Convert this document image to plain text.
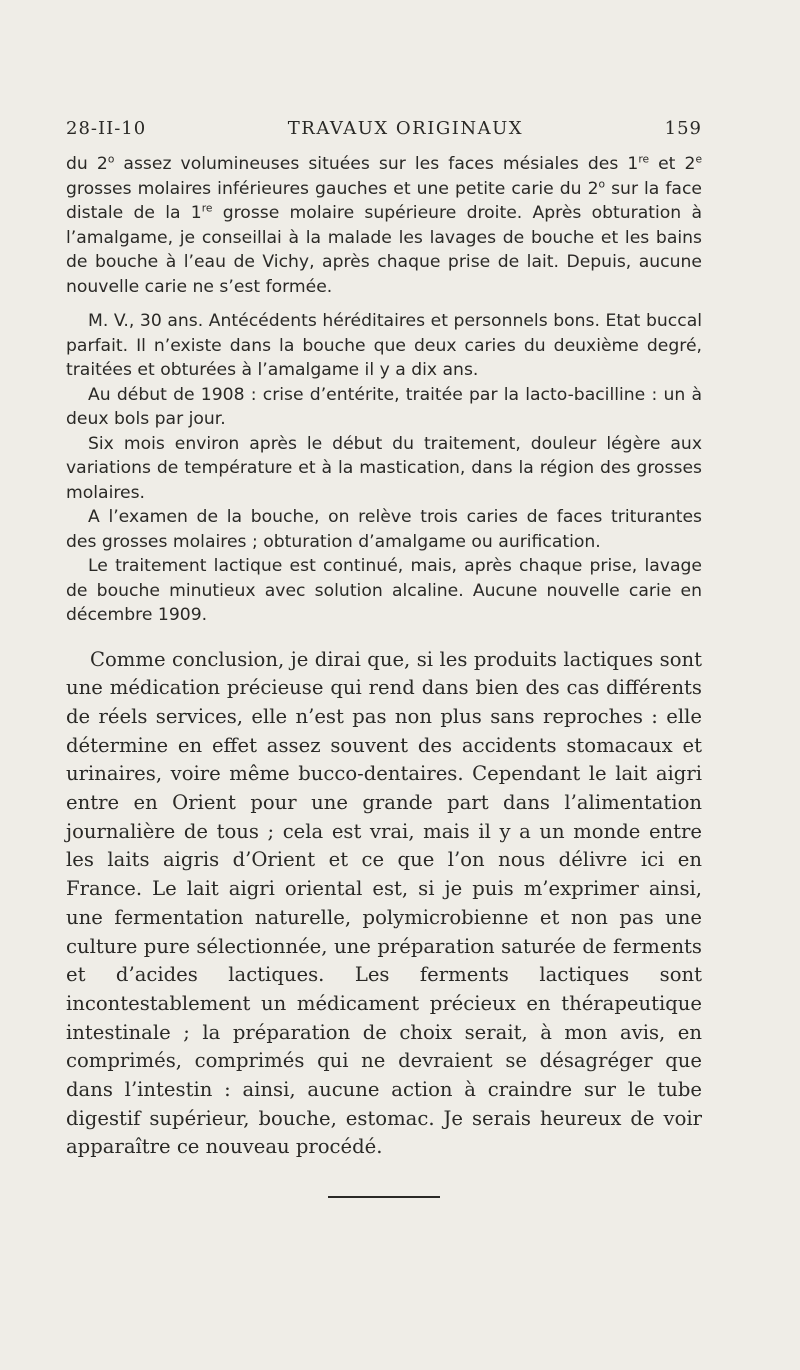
28-II-10	TRAVAUX ORIGINAUX	159

du 2$^o$ assez volumineuses situées sur les faces mésiales des 1re et 2e grosses molaires inférieures gauches et une petite carie du 2$^o$ sur la face distale de la 1re grosse molaire supérieure droite. Après obturation à l’amalgame, je conseillai à la malade les lavages de bouche et les bains de bouche à l’eau de Vichy, après chaque prise de lait. Depuis, aucune nouvelle carie ne s’est formée.

M. V., 30 ans. Antécédents héréditaires et personnels bons. Etat buccal parfait. Il n’existe dans la bouche que deux caries du deuxième degré, traitées et obturées à l’amalgame il y a dix ans.

Au début de 1908 : crise d’entérite, traitée par la lacto-bacilline : un à deux bols par jour.

Six mois environ après le début du traitement, douleur légère aux variations de température et à la mastication, dans la région des grosses molaires.

A l’examen de la bouche, on relève trois caries de faces triturantes des grosses molaires ; obturation d’amalgame ou aurification.

Le traitement lactique est continué, mais, après chaque prise, lavage de bouche minutieux avec solution alcaline. Aucune nouvelle carie en décembre 1909.

Comme conclusion, je dirai que, si les produits lactiques sont une médication précieuse qui rend dans bien des cas différents de réels services, elle n’est pas non plus sans reproches : elle détermine en effet assez souvent des accidents stomacaux et urinaires, voire même bucco-dentaires. Cependant le lait aigri entre en Orient pour une grande part dans l’alimentation journalière de tous ; cela est vrai, mais il y a un monde entre les laits aigris d’Orient et ce que l’on nous délivre ici en France. Le lait aigri oriental est, si je puis m’exprimer ainsi, une fermentation naturelle, polymicrobienne et non pas une culture pure sélectionnée, une préparation saturée de ferments et d’acides lactiques. Les ferments lactiques sont incontestablement un médicament précieux en thérapeutique intestinale ; la préparation de choix serait, à mon avis, en comprimés, comprimés qui ne devraient se désagréger que dans l’intestin : ainsi, aucune action à craindre sur le tube digestif supérieur, bouche, estomac. Je serais heureux de voir apparaître ce nouveau procédé.
